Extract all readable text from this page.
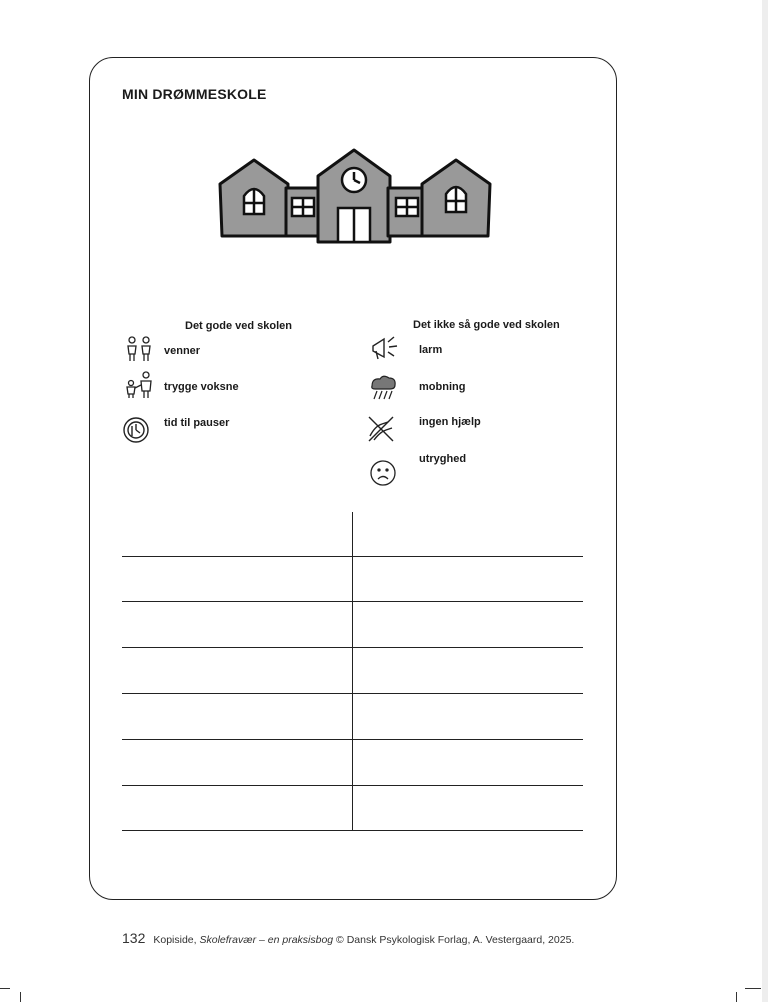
MIN DRØMMESKOLE
Det gode ved skolen
venner
trygge voksne
tid til pauser
Det ikke så gode ved skolen
larm
mobning
ingen hjælp
utryghed
132 Kopiside, Skolefravær – en praksisbog © Dansk Psykologisk Forlag, A. Vestergaard, 2025.
